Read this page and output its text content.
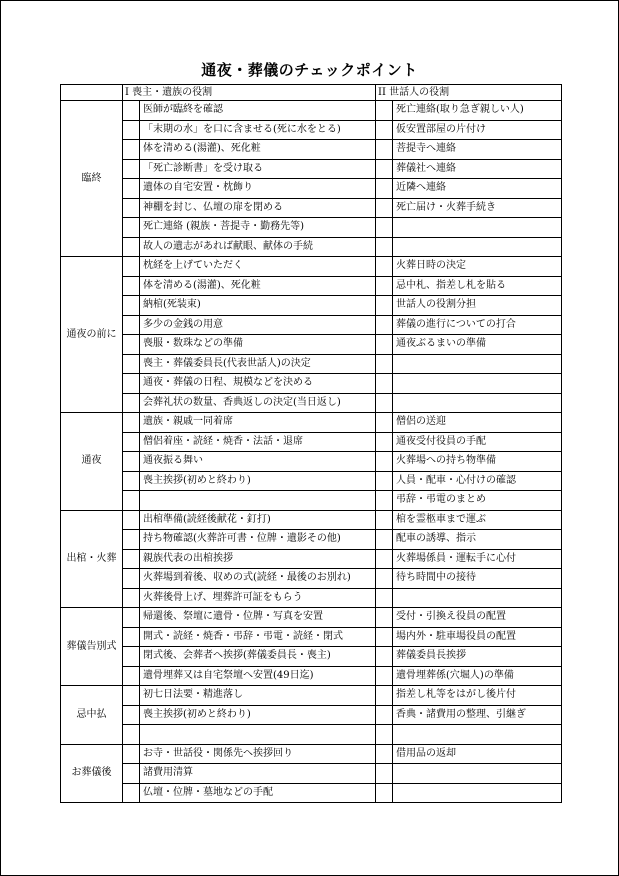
通夜・葬儀のチェックポイント
	I 喪主・遺族の役割		II 世話人の役割	
臨終		医師が臨終を確認		死亡連絡(取り急ぎ親しい人)
		「末期の水」を口に含ませる(死に水をとる)		仮安置部屋の片付け
		体を清める(湯灌)、死化粧		菩提寺へ連絡
		「死亡診断書」を受け取る		葬儀社へ連絡
		遺体の自宅安置・枕飾り		近隣へ連絡
		神棚を封じ、仏壇の扉を閉める		死亡届け・火葬手続き
		死亡連絡 (親族・菩提寺・勤務先等)		
		故人の遺志があれば献眼、献体の手続		
通夜の前に		枕経を上げていただく		火葬日時の決定
		体を清める(湯灌)、死化粧		忌中札、指差し札を貼る
		納棺(死装束)		世話人の役割分担
		多少の金銭の用意		葬儀の進行についての打合
		喪服・数珠などの準備		通夜ぶるまいの準備
		喪主・葬儀委員長(代表世話人)の決定		
		通夜・葬儀の日程、規模などを決める		
		会葬礼状の数量、香典返しの決定(当日返し)		
通夜		遺族・親戚一同着席		僧侶の送迎
		僧侶着座・読経・焼香・法話・退席		通夜受付役員の手配
		通夜振る舞い		火葬場への持ち物準備
		喪主挨拶(初めと終わり)		人員・配車・心付けの確認
				弔辞・弔電のまとめ
出棺・火葬		出棺準備(読経後献花・釘打)		棺を霊柩車まで運ぶ
		持ち物確認(火葬許可書・位牌・遺影その他)		配車の誘導、指示
		親族代表の出棺挨拶		火葬場係員・運転手に心付
		火葬場到着後、収めの式(読経・最後のお別れ)		待ち時間中の接待
		火葬後骨上げ、埋葬許可証をもらう		
葬儀告別式		帰還後、祭壇に遺骨・位牌・写真を安置		受付・引換え役員の配置
		開式・読経・焼香・弔辞・弔電・読経・閉式		場内外・駐車場役員の配置
		閉式後、会葬者へ挨拶(葬儀委員長・喪主)		葬儀委員長挨拶
		遺骨埋葬又は自宅祭壇へ安置(49日迄)		遺骨埋葬係(穴堀人)の準備
忌中払		初七日法要・精進落し		指差し札等をはがし後片付
		喪主挨拶(初めと終わり)		香典・諸費用の整理、引継ぎ

お葬儀後		お寺・世話役・関係先へ挨拶回り		借用品の返却
		諸費用清算		
		仏壇・位牌・墓地などの手配		
